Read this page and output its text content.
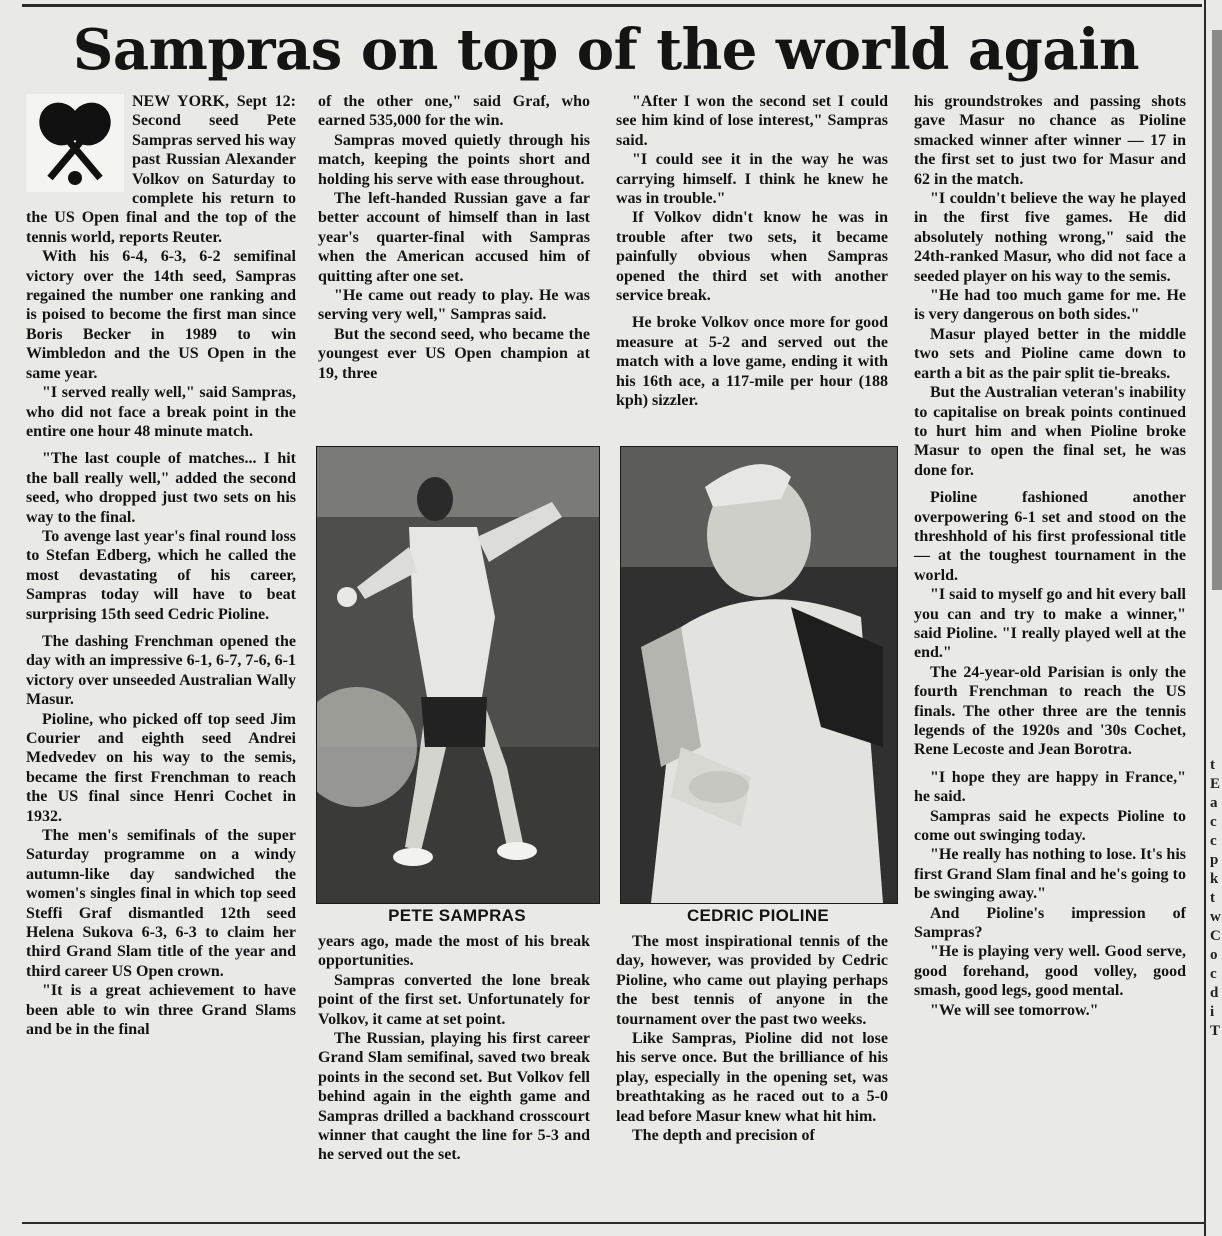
Sampras on top of the world again

NEW YORK, Sept 12: Second seed Pete Sampras served his way past Russian Alexander Volkov on Saturday to complete his return to the US Open final and the top of the tennis world, reports Reuter.

With his 6-4, 6-3, 6-2 semifinal victory over the 14th seed, Sampras regained the number one ranking and is poised to become the first man since Boris Becker in 1989 to win Wimbledon and the US Open in the same year.

"I served really well," said Sampras, who did not face a break point in the entire one hour 48 minute match.

"The last couple of matches... I hit the ball really well," added the second seed, who dropped just two sets on his way to the final.

To avenge last year's final round loss to Stefan Edberg, which he called the most devastating of his career, Sampras today will have to beat surprising 15th seed Cedric Pioline.

The dashing Frenchman opened the day with an impressive 6-1, 6-7, 7-6, 6-1 victory over unseeded Australian Wally Masur.

Pioline, who picked off top seed Jim Courier and eighth seed Andrei Medvedev on his way to the semis, became the first Frenchman to reach the US final since Henri Cochet in 1932.

The men's semifinals of the super Saturday programme on a windy autumn-like day sandwiched the women's singles final in which top seed Steffi Graf dismantled 12th seed Helena Sukova 6-3, 6-3 to claim her third Grand Slam title of the year and third career US Open crown.

"It is a great achievement to have been able to win three Grand Slams and be in the final

of the other one," said Graf, who earned 535,000 for the win.

Sampras moved quietly through his match, keeping the points short and holding his serve with ease throughout.

The left-handed Russian gave a far better account of himself than in last year's quarter-final with Sampras when the American accused him of quitting after one set.

"He came out ready to play. He was serving very well," Sampras said.

But the second seed, who became the youngest ever US Open champion at 19, three

"After I won the second set I could see him kind of lose interest," Sampras said.

"I could see it in the way he was carrying himself. I think he knew he was in trouble."

If Volkov didn't know he was in trouble after two sets, it became painfully obvious when Sampras opened the third set with another service break.

He broke Volkov once more for good measure at 5-2 and served out the match with a love game, ending it with his 16th ace, a 117-mile per hour (188 kph) sizzler.

PETE SAMPRAS	CEDRIC PIOLINE

years ago, made the most of his break opportunities.

Sampras converted the lone break point of the first set. Unfortunately for Volkov, it came at set point.

The Russian, playing his first career Grand Slam semifinal, saved two break points in the second set. But Volkov fell behind again in the eighth game and Sampras drilled a backhand crosscourt winner that caught the line for 5-3 and he served out the set.

The most inspirational tennis of the day, however, was provided by Cedric Pioline, who came out playing perhaps the best tennis of anyone in the tournament over the past two weeks.

Like Sampras, Pioline did not lose his serve once. But the brilliance of his play, especially in the opening set, was breathtaking as he raced out to a 5-0 lead before Masur knew what hit him.

The depth and precision of

his groundstrokes and passing shots gave Masur no chance as Pioline smacked winner after winner — 17 in the first set to just two for Masur and 62 in the match.

"I couldn't believe the way he played in the first five games. He did absolutely nothing wrong," said the 24th-ranked Masur, who did not face a seeded player on his way to the semis.

"He had too much game for me. He is very dangerous on both sides."

Masur played better in the middle two sets and Pioline came down to earth a bit as the pair split tie-breaks.

But the Australian veteran's inability to capitalise on break points continued to hurt him and when Pioline broke Masur to open the final set, he was done for.

Pioline fashioned another overpowering 6-1 set and stood on the threshhold of his first professional title — at the toughest tournament in the world.

"I said to myself go and hit every ball you can and try to make a winner," said Pioline. "I really played well at the end."

The 24-year-old Parisian is only the fourth Frenchman to reach the US finals. The other three are the tennis legends of the 1920s and '30s Cochet, Rene Lecoste and Jean Borotra.

"I hope they are happy in France," he said.

Sampras said he expects Pioline to come out swinging today.

"He really has nothing to lose. It's his first Grand Slam final and he's going to be swinging away."

And Pioline's impression of Sampras?

"He is playing very well. Good serve, good forehand, good volley, good smash, good legs, good mental.

"We will see tomorrow."

t
E
a
c
c
p
k
t
w
C
o
c
d
i
T
